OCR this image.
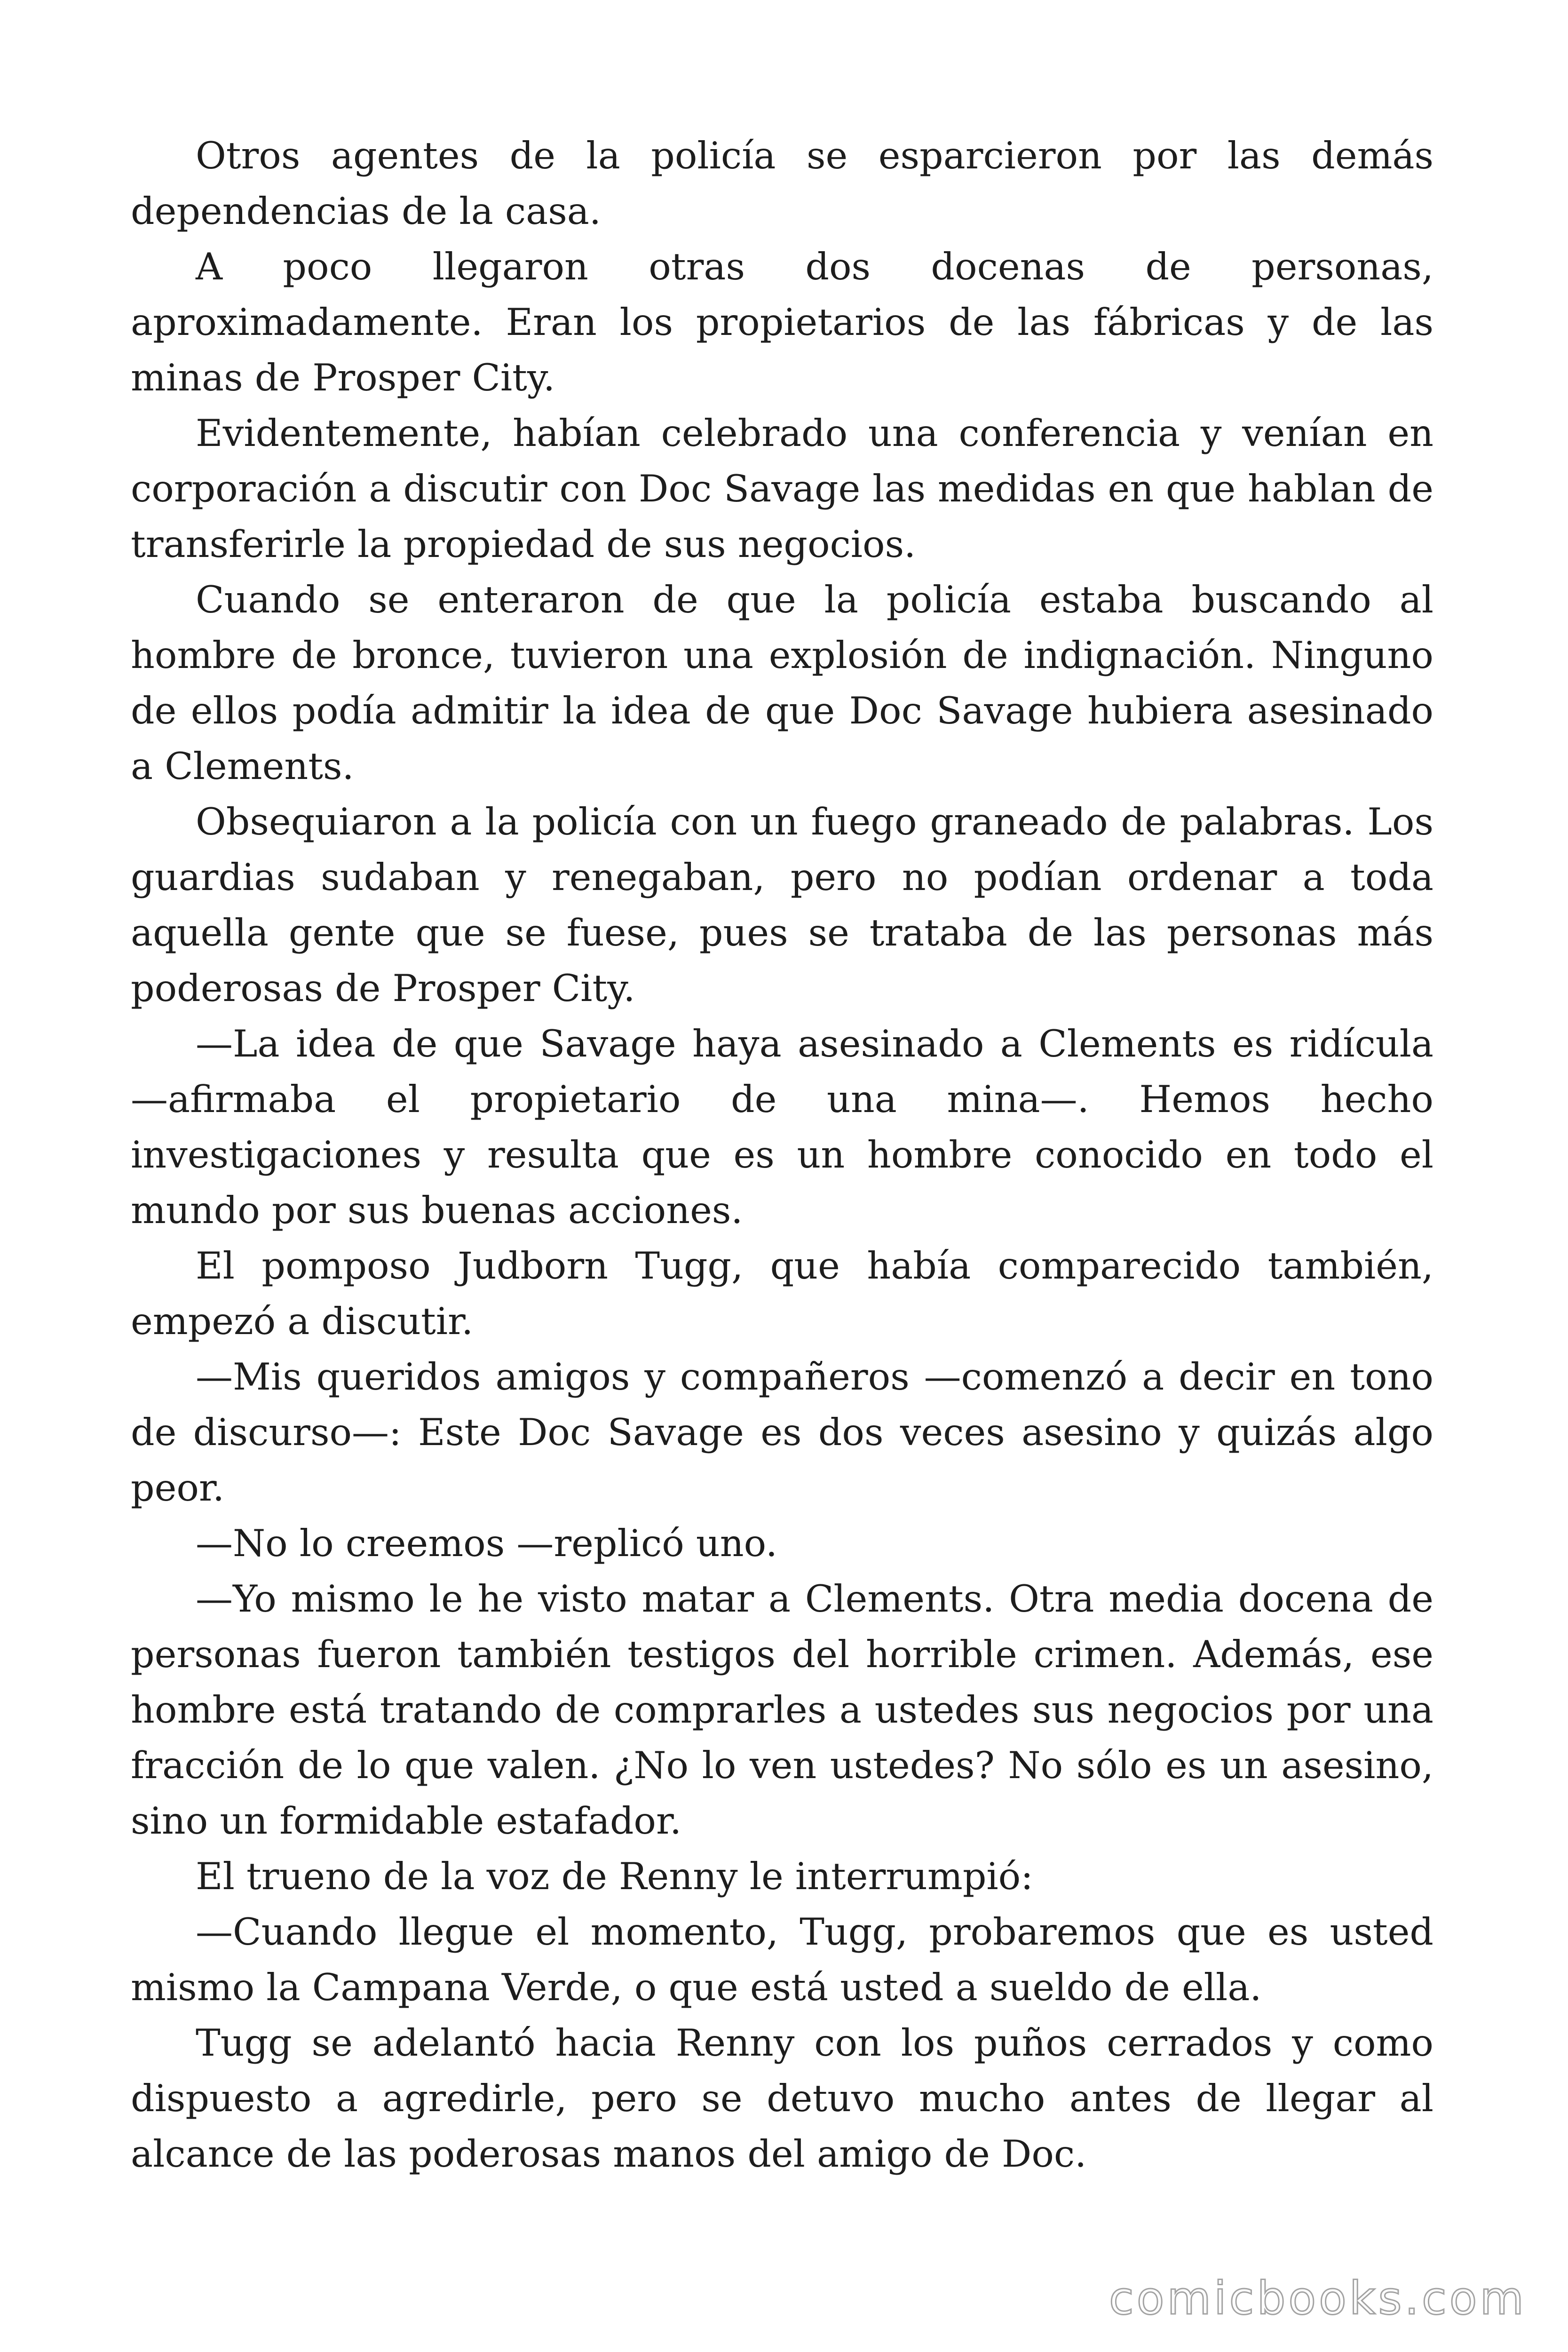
Otros agentes de la policía se esparcieron por las demás dependencias de la casa.

A poco llegaron otras dos docenas de personas, aproximadamente. Eran los propietarios de las fábricas y de las minas de Prosper City.

Evidentemente, habían celebrado una conferencia y venían en corporación a discutir con Doc Savage las medidas en que hablan de transferirle la propiedad de sus negocios.

Cuando se enteraron de que la policía estaba buscando al hombre de bronce, tuvieron una explosión de indignación. Ninguno de ellos podía admitir la idea de que Doc Savage hubiera asesinado a Clements.

Obsequiaron a la policía con un fuego graneado de palabras. Los guardias sudaban y renegaban, pero no podían ordenar a toda aquella gente que se fuese, pues se trataba de las personas más poderosas de Prosper City.

—La idea de que Savage haya asesinado a Clements es ridícula —afirmaba el propietario de una mina—. Hemos hecho investigaciones y resulta que es un hombre conocido en todo el mundo por sus buenas acciones.

El pomposo Judborn Tugg, que había comparecido también, empezó a discutir.

—Mis queridos amigos y compañeros —comenzó a decir en tono de discurso—: Este Doc Savage es dos veces asesino y quizás algo peor.

—No lo creemos —replicó uno.

—Yo mismo le he visto matar a Clements. Otra media docena de personas fueron también testigos del horrible crimen. Además, ese hombre está tratando de comprarles a ustedes sus negocios por una fracción de lo que valen. ¿No lo ven ustedes? No sólo es un asesino, sino un formidable estafador.

El trueno de la voz de Renny le interrumpió:

—Cuando llegue el momento, Tugg, probaremos que es usted mismo la Campana Verde, o que está usted a sueldo de ella.

Tugg se adelantó hacia Renny con los puños cerrados y como dispuesto a agredirle, pero se detuvo mucho antes de llegar al alcance de las poderosas manos del amigo de Doc.

comicbooks.com
